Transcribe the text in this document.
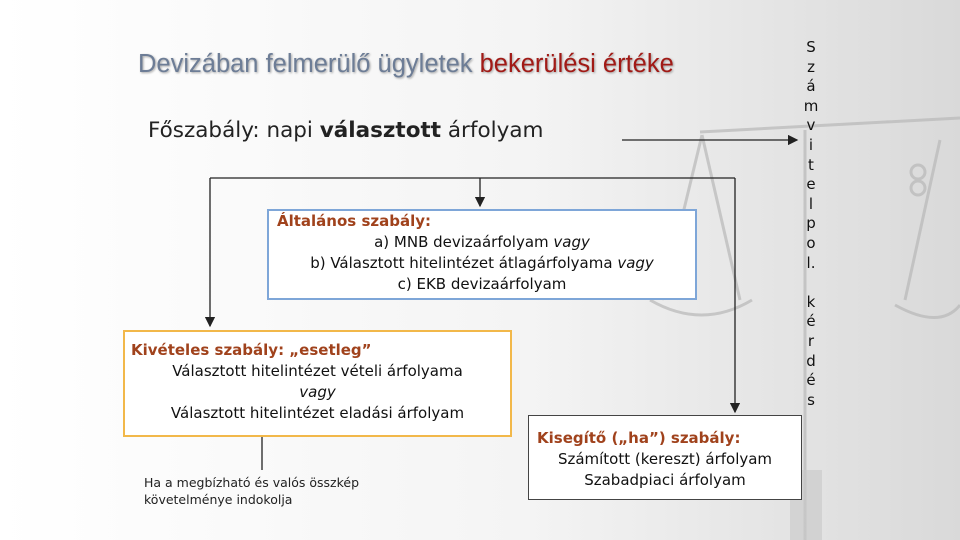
Devizában felmerülő ügyletek bekerülési értéke
Főszabály: napi választott árfolyam
Általános szabály:
a) MNB devizaárfolyam vagy
b) Választott hitelintézet átlagárfolyama vagy
c) EKB devizaárfolyam
Kivételes szabály: „esetleg”
Választott hitelintézet vételi árfolyama
vagy
Választott hitelintézet eladási árfolyam
Kisegítő („ha”) szabály:
Számított (kereszt) árfolyam
Szabadpiaci árfolyam
Ha a megbízható és valós összkép
követelménye indokolja
S
z
á
m
v
i
t
e
l
p
o
l.

k
é
r
d
é
s
